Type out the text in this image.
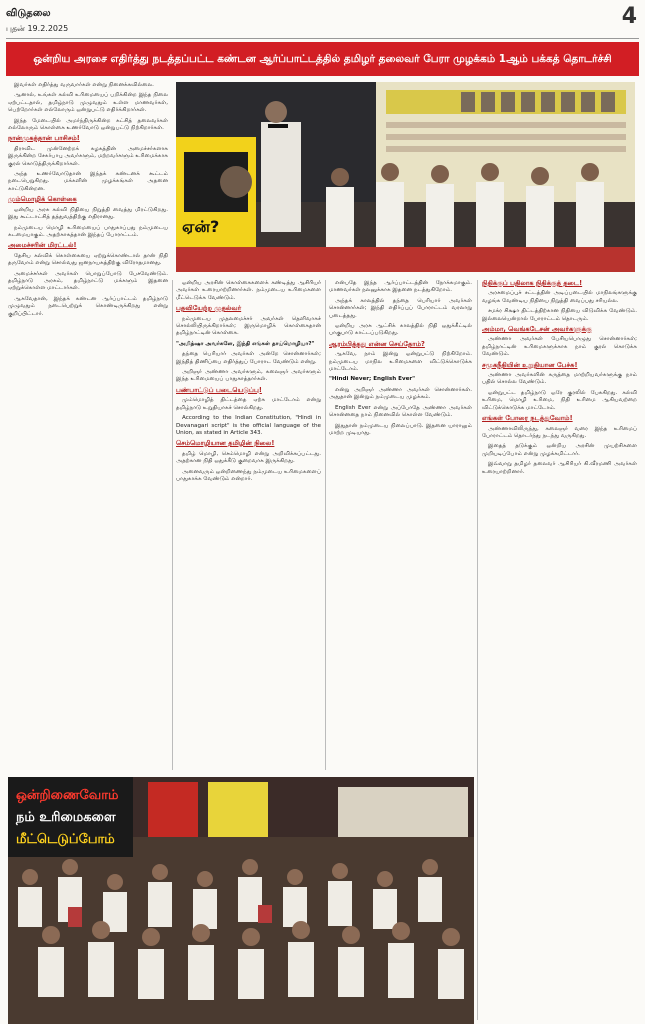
விடுதலை
புதன் 19.2.2025	4
ஒன்றிய அரசை எதிர்த்து நடத்தப்பட்ட கண்டன ஆர்ப்பாட்டத்தில் தமிழர் தலைவர் பேரா முழக்கம் 1ஆம் பக்கத் தொடர்ச்சி
ஏன்?
ஒன்றிணைவோம்
நம் உரிமைகளை
மீட்டெடுப்போம்

இவர்கள் எதிர்த்து வருவார்கள் என்று நினைக்கவில்லை.

ஆனால், உங்கள் கல்வி உரிமையைப் பறிக்கின்ற இந்த நிலை ஏற்பட்டதால், தமிழ்நாடு முழுவதும் உள்ள மாணவர்கள், பெற்றோர்கள் எல்லோரும் ஒன்றுபட்டு எதிர்க்கிறார்கள்.

இந்த மேடையில் அமர்ந்திருக்கின்ற கட்சித் தலைவர்கள் எல்லோரும் கொள்கை உணர்வோடு ஒன்றுபட்டு நிற்கிறார்கள்.

நான்முகத்தான் பாசிசம்!

திராவிட முன்னேற்றக் கழகத்தின் அமைச்சர்களாக இருக்கின்ற சேகர்பாபு அவர்களும், மற்றவர்களும் உரிமைக்காக குரல் கொடுத்திருக்கிறார்கள்.

அந்த உணர்வோடுதான் இந்தக் கண்டனக் கூட்டம் நடைபெறுகிறது. மக்களின் முழக்கங்கள் அதனை காட்டுகின்றன.

மும்மொழிக் கொள்கை

ஒன்றிய அரசு கல்வி நிதியை நிறுத்தி வைத்து மிரட்டுகிறது. இது கூட்டாட்சித் தத்துவத்திற்கு எதிரானது.

நம்முடைய மொழி உரிமையைப் பாதுகாப்பது நம்முடைய கடமையாகும். அதற்காகத்தான் இந்தப் போராட்டம்.

அமைச்சரின் மிரட்டல்!

தேசிய கல்விக் கொள்கையை ஏற்றுக்கொண்டால் தான் நிதி தருவோம் என்று சொல்வது ஜனநாயகத்திற்கு விரோதமானது.

அமைச்சர்கள் அவர்கள் பொறுப்போடு பேசவேண்டும். தமிழ்நாடு அரசும், தமிழ்நாட்டு மக்களும் இதனை ஏற்றுக்கொள்ள மாட்டார்கள்.

ஆகவேதான், இந்தக் கண்டன ஆர்ப்பாட்டம் தமிழ்நாடு முழுவதும் நடைபெற்றுக் கொண்டிருக்கிறது என்று குறிப்பிட்டார்.

ஒன்றிய அரசின் கொள்கைகளைக் கண்டித்து ஆசிரியர் அவர்கள் உரையாற்றினார்கள். நம்முடைய உரிமைகளை மீட்டெடுக்க வேண்டும்.

பதவியேற்ற முதல்வர்

நம்முடைய முதலமைச்சர் அவர்கள் தெளிவாகச் சொல்லியிருக்கிறார்கள்; இருமொழிக் கொள்கைதான் தமிழ்நாட்டின் கொள்கை.

"அமித்ஷா அவர்களே, இந்தி எங்கள் தாய்மொழியா?"

தந்தை பெரியார் அவர்கள் அன்றே சொன்னார்கள்; இந்தித் திணிப்பை எதிர்த்துப் போராட வேண்டும் என்று.

அறிஞர் அண்ணா அவர்களும், கலைஞர் அவர்களும் இந்த உரிமையைப் பாதுகாத்தார்கள்.

பண்பாட்டுப் படையெடுப்பு!

மும்மொழித் திட்டத்தை ஏற்க மாட்டோம் என்று தமிழ்நாடு உறுதியாகச் சொல்கிறது.

According to the Indian Constitution, "Hindi in Devanagari script" is the official language of the Union, as stated in Article 343.

செம்மொழியான தமிழின் நிலை!

தமிழ் மொழி, செம்மொழி என்று அறிவிக்கப்பட்டது. அதற்கான நிதி ஒதுக்கீடு குறைவாக இருக்கிறது.

அனைவரும் ஒன்றிணைந்து நம்முடைய உரிமைகளைப் பாதுகாக்க வேண்டும் என்றார்.

என்பதே இந்த ஆர்ப்பாட்டத்தின் நோக்கமாகும். மாணவர்கள் நலனுக்காக இதனை நடத்துகிறோம்.

அந்தக் காலத்தில் தந்தை பெரியார் அவர்கள் சொன்னார்கள்; இந்தி எதிர்ப்புப் போராட்டம் வரலாறு படைத்தது.

ஒன்றிய அரசு ஆட்சிக் காலத்தில் நிதி ஒதுக்கீட்டில் பாகுபாடு காட்டப்படுகிறது.

ஆரம்பித்தது என்ன செய்தோம்?

ஆகவே, நாம் இன்று ஒன்றுபட்டு நிற்கிறோம். நம்முடைய மாநில உரிமைகளை விட்டுக்கொடுக்க மாட்டோம்.

"Hindi Never; English Ever"

என்று அறிஞர் அண்ணா அவர்கள் சொன்னார்கள். அதுதான் இன்றும் நம்முடைய முழக்கம்.

English Ever என்று அப்போதே அண்ணா அவர்கள் சொன்னதை நாம் நினைவில் கொள்ள வேண்டும்.

இதுதான் நம்முடைய நிலைப்பாடு. இதனை யாராலும் மாற்ற முடியாது.

நிதிக்குப் பதிலாக நிதிக்குத் தடை!

அரசமைப்புச் சட்டத்தின் அடிப்படையில் மாநிலங்களுக்கு வழங்க வேண்டிய நிதியை நிறுத்தி வைப்பது சரியல்ல.

சமக்ர சிக்ஷா திட்டத்திற்கான நிதியை விடுவிக்க வேண்டும். இல்லையென்றால் போராட்டம் தொடரும்.

அம்மா, வெங்கடேசன் அவர்களுக்கு

அண்ணா அவர்கள் பேசியபொழுது சொன்னார்கள்; தமிழ்நாட்டின் உரிமைகளுக்காக நாம் குரல் கொடுக்க வேண்டும்.

சமூகநீதியின் உறுதியான பேச்சு!

அண்ணா அவர்களின் கருத்தை மாற்றியவர்களுக்கு நாம் பதில் சொல்ல வேண்டும்.

ஒன்றுபட்ட தமிழ்நாடு ஒரே குரலில் பேசுகிறது. கல்வி உரிமை, மொழி உரிமை, நிதி உரிமை ஆகியவற்றை விட்டுக்கொடுக்க மாட்டோம்.

எங்கள் போரை நடத்துவோம்!

அண்ணாவிலிருந்து, கலைஞர் வரை இந்த உரிமைப் போராட்டம் தொடர்ந்து நடந்து வருகிறது.

இதைத் தடுக்கும் ஒன்றிய அரசின் முயற்சிகளை முறியடிப்போம் என்று முழக்கமிட்டார்.

இவ்வாறு தமிழர் தலைவர் ஆசிரியர் கி.வீரமணி அவர்கள் உரையாற்றினார்.
